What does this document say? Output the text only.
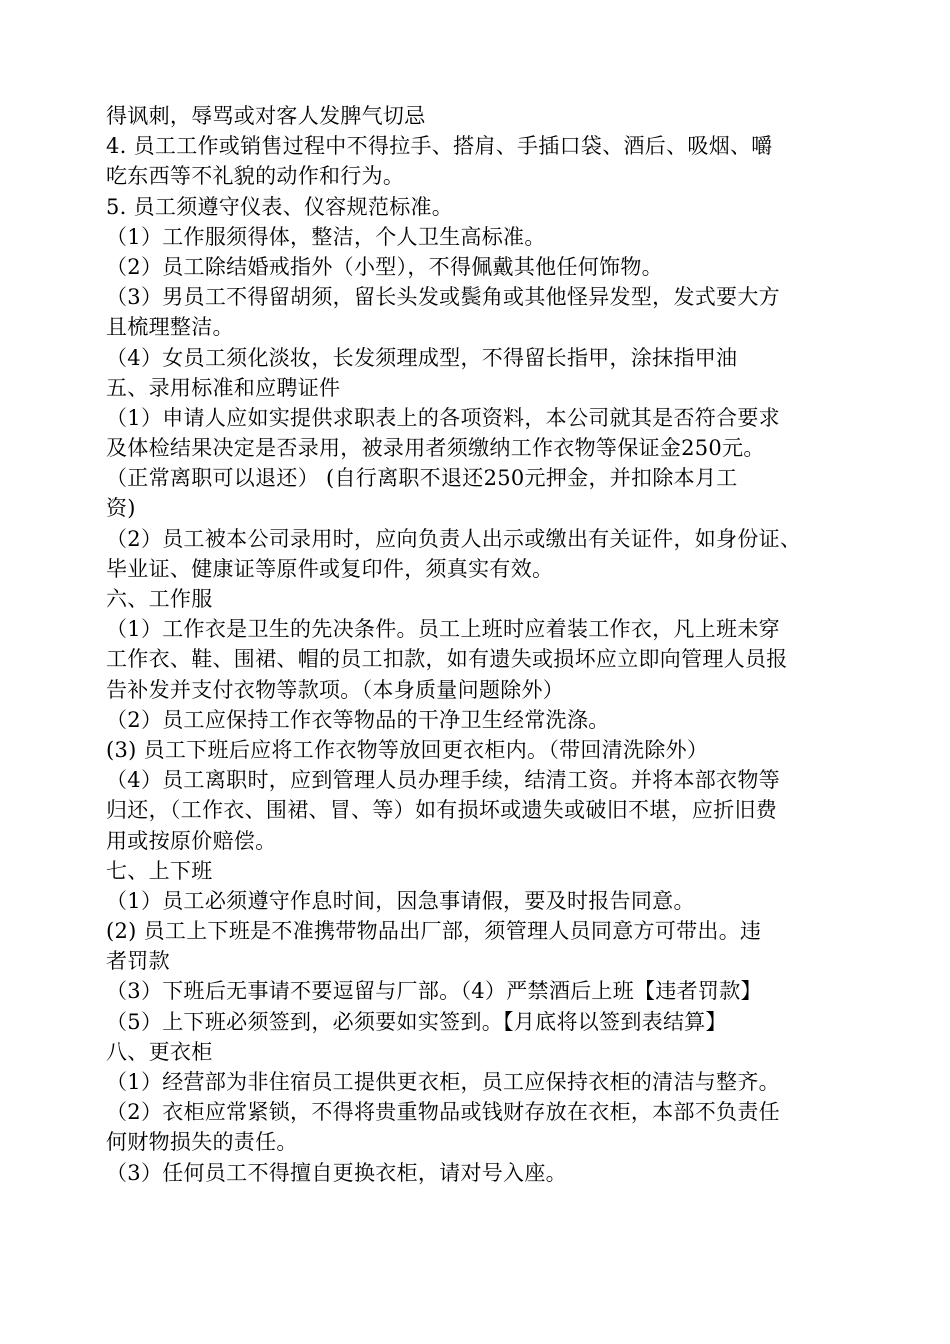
得讽刺，辱骂或对客人发脾气切忌
4. 员工工作或销售过程中不得拉手、搭肩、手插口袋、酒后、吸烟、嚼
吃东西等不礼貌的动作和行为。
5. 员工须遵守仪表、仪容规范标准。
（1）工作服须得体，整洁，个人卫生高标准。
（2）员工除结婚戒指外（小型），不得佩戴其他任何饰物。
（3）男员工不得留胡须，留长头发或鬓角或其他怪异发型，发式要大方
且梳理整洁。
（4）女员工须化淡妆，长发须理成型，不得留长指甲，涂抹指甲油
五、录用标准和应聘证件
（1）申请人应如实提供求职表上的各项资料，本公司就其是否符合要求
及体检结果决定是否录用，被录用者须缴纳工作衣物等保证金250元。
（正常离职可以退还） (自行离职不退还250元押金，并扣除本月工
资)
（2）员工被本公司录用时，应向负责人出示或缴出有关证件，如身份证、
毕业证、健康证等原件或复印件，须真实有效。
六、工作服
（1）工作衣是卫生的先决条件。员工上班时应着装工作衣，凡上班未穿
工作衣、鞋、围裙、帽的员工扣款，如有遗失或损坏应立即向管理人员报
告补发并支付衣物等款项。（本身质量问题除外）
（2）员工应保持工作衣等物品的干净卫生经常洗涤。
(3) 员工下班后应将工作衣物等放回更衣柜内。（带回清洗除外）
（4）员工离职时，应到管理人员办理手续，结清工资。并将本部衣物等
归还，（工作衣、围裙、冒、等）如有损坏或遗失或破旧不堪，应折旧费
用或按原价赔偿。
七、上下班
（1）员工必须遵守作息时间，因急事请假，要及时报告同意。
(2) 员工上下班是不准携带物品出厂部，须管理人员同意方可带出。违
者罚款
（3）下班后无事请不要逗留与厂部。（4）严禁酒后上班【违者罚款】
（5）上下班必须签到，必须要如实签到。【月底将以签到表结算】
八、更衣柜
（1）经营部为非住宿员工提供更衣柜，员工应保持衣柜的清洁与整齐。
（2）衣柜应常紧锁，不得将贵重物品或钱财存放在衣柜，本部不负责任
何财物损失的责任。
（3）任何员工不得擅自更换衣柜，请对号入座。
